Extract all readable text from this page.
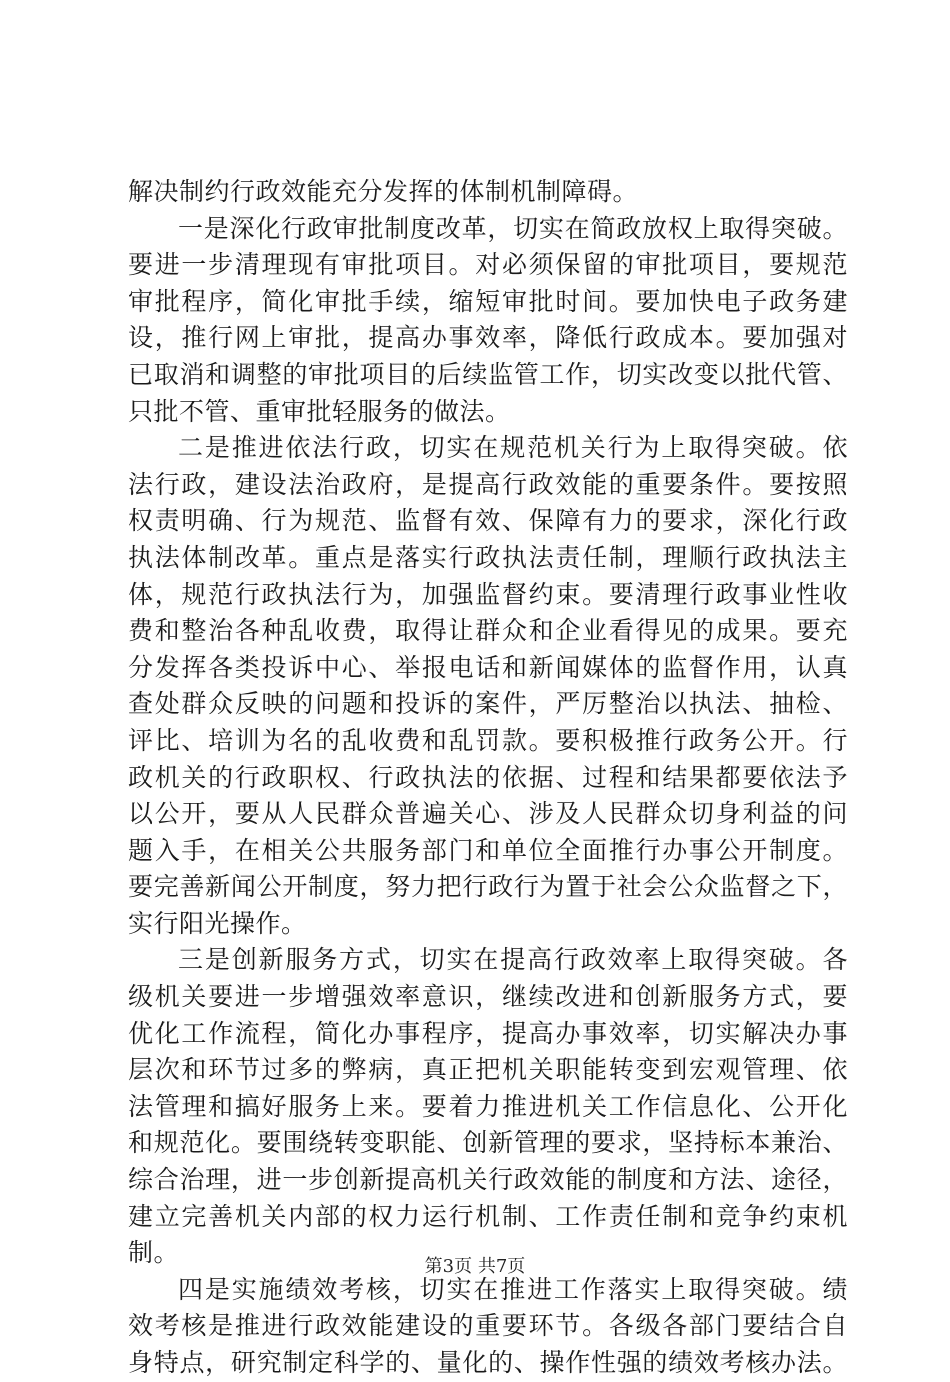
解决制约行政效能充分发挥的体制机制障碍。
一是深化行政审批制度改革，切实在简政放权上取得突破。
要进一步清理现有审批项目。对必须保留的审批项目，要规范
审批程序，简化审批手续，缩短审批时间。要加快电子政务建
设，推行网上审批，提高办事效率，降低行政成本。要加强对
已取消和调整的审批项目的后续监管工作，切实改变以批代管、
只批不管、重审批轻服务的做法。
二是推进依法行政，切实在规范机关行为上取得突破。依
法行政，建设法治政府，是提高行政效能的重要条件。要按照
权责明确、行为规范、监督有效、保障有力的要求，深化行政
执法体制改革。重点是落实行政执法责任制，理顺行政执法主
体，规范行政执法行为，加强监督约束。要清理行政事业性收
费和整治各种乱收费，取得让群众和企业看得见的成果。要充
分发挥各类投诉中心、举报电话和新闻媒体的监督作用，认真
查处群众反映的问题和投诉的案件，严厉整治以执法、抽检、
评比、培训为名的乱收费和乱罚款。要积极推行政务公开。行
政机关的行政职权、行政执法的依据、过程和结果都要依法予
以公开，要从人民群众普遍关心、涉及人民群众切身利益的问
题入手，在相关公共服务部门和单位全面推行办事公开制度。
要完善新闻公开制度，努力把行政行为置于社会公众监督之下，
实行阳光操作。
三是创新服务方式，切实在提高行政效率上取得突破。各
级机关要进一步增强效率意识，继续改进和创新服务方式，要
优化工作流程，简化办事程序，提高办事效率，切实解决办事
层次和环节过多的弊病，真正把机关职能转变到宏观管理、依
法管理和搞好服务上来。要着力推进机关工作信息化、公开化
和规范化。要围绕转变职能、创新管理的要求，坚持标本兼治、
综合治理，进一步创新提高机关行政效能的制度和方法、途径，
建立完善机关内部的权力运行机制、工作责任制和竞争约束机
制。
四是实施绩效考核，切实在推进工作落实上取得突破。绩
效考核是推进行政效能建设的重要环节。各级各部门要结合自
身特点，研究制定科学的、量化的、操作性强的绩效考核办法。
第3页 共7页
